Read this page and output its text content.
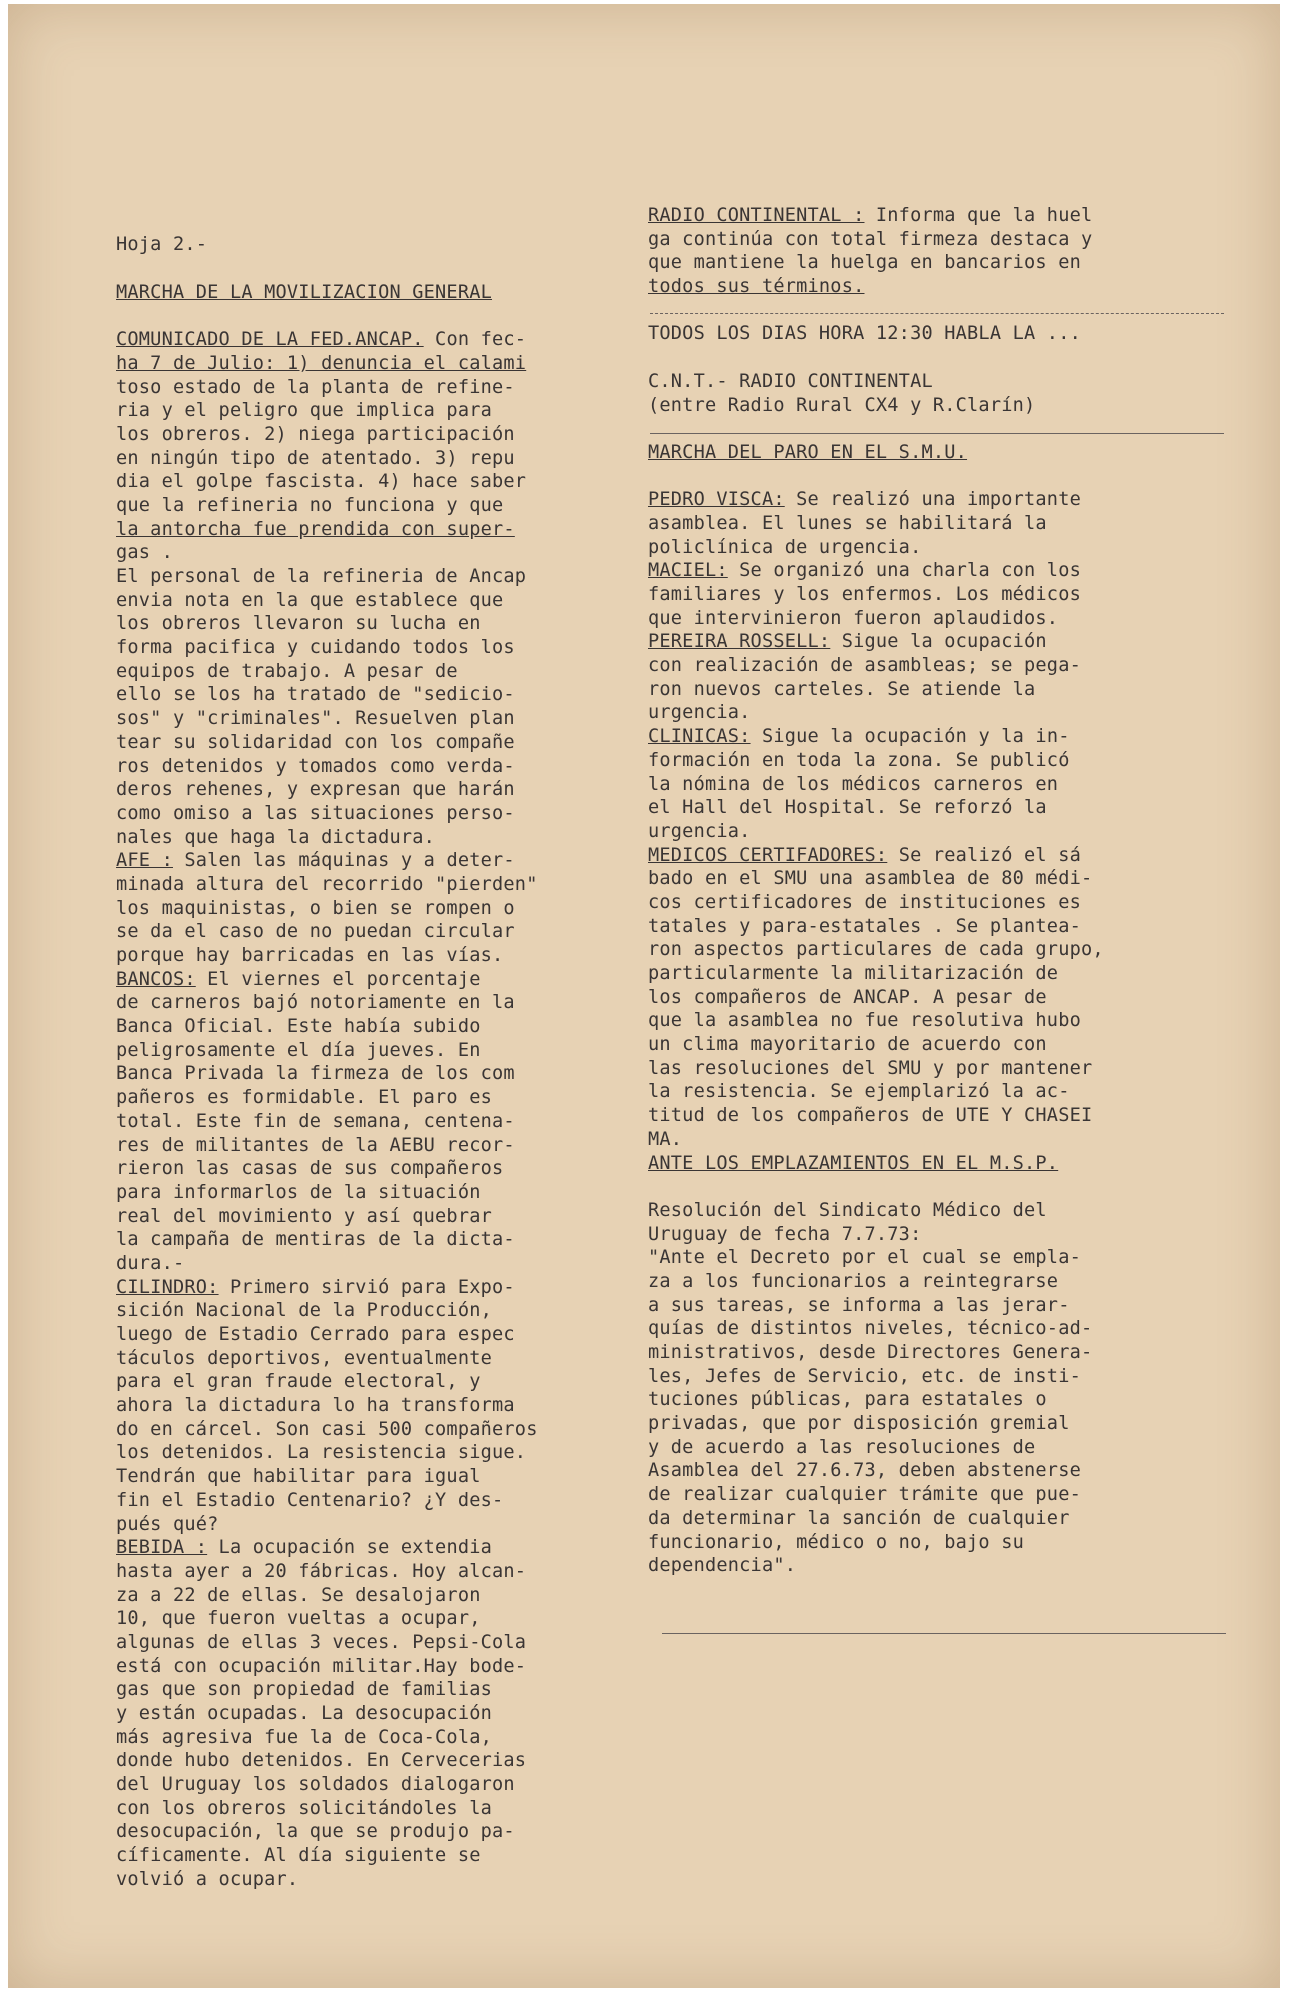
Hoja 2.-

MARCHA DE LA MOVILIZACION GENERAL

COMUNICADO DE LA FED.ANCAP. Con fec-
ha 7 de Julio: 1) denuncia el calami
toso estado de la planta de refine-
ria y el peligro que implica para
los obreros. 2) niega participación
en ningún tipo de atentado. 3) repu
dia el golpe fascista. 4) hace saber
que la refineria no funciona y que
la antorcha fue prendida con super-
gas .
El personal de la refineria de Ancap
envia nota en la que establece que
los obreros llevaron su lucha en
forma pacifica y cuidando todos los
equipos de trabajo. A pesar de
ello se los ha tratado de "sedicio-
sos" y "criminales". Resuelven plan
tear su solidaridad con los compañe
ros detenidos y tomados como verda-
deros rehenes, y expresan que harán
como omiso a las situaciones perso-
nales que haga la dictadura.
AFE : Salen las máquinas y a deter-
minada altura del recorrido "pierden"
los maquinistas, o bien se rompen o
se da el caso de no puedan circular
porque hay barricadas en las vías.
BANCOS: El viernes el porcentaje
de carneros bajó notoriamente en la
Banca Oficial. Este había subido
peligrosamente el día jueves. En
Banca Privada la firmeza de los com
pañeros es formidable. El paro es
total. Este fin de semana, centena-
res de militantes de la AEBU recor-
rieron las casas de sus compañeros
para informarlos de la situación
real del movimiento y así quebrar
la campaña de mentiras de la dicta-
dura.-
CILINDRO: Primero sirvió para Expo-
sición Nacional de la Producción,
luego de Estadio Cerrado para espec
táculos deportivos, eventualmente
para el gran fraude electoral, y
ahora la dictadura lo ha transforma
do en cárcel. Son casi 500 compañeros
los detenidos. La resistencia sigue.
Tendrán que habilitar para igual
fin el Estadio Centenario? ¿Y des-
pués qué?
BEBIDA : La ocupación se extendia
hasta ayer a 20 fábricas. Hoy alcan-
za a 22 de ellas. Se desalojaron
10, que fueron vueltas a ocupar,
algunas de ellas 3 veces. Pepsi-Cola
está con ocupación militar.Hay bode-
gas que son propiedad de familias
y están ocupadas. La desocupación
más agresiva fue la de Coca-Cola,
donde hubo detenidos. En Cervecerias
del Uruguay los soldados dialogaron
con los obreros solicitándoles la
desocupación, la que se produjo pa-
cíficamente. Al día siguiente se
volvió a ocupar.
RADIO CONTINENTAL : Informa que la huel
ga continúa con total firmeza destaca y
que mantiene la huelga en bancarios en
todos sus términos.

TODOS LOS DIAS HORA 12:30 HABLA LA ...

C.N.T.- RADIO CONTINENTAL
(entre Radio Rural CX4 y R.Clarín)

MARCHA DEL PARO EN EL S.M.U.

PEDRO VISCA: Se realizó una importante
asamblea. El lunes se habilitará la
policlínica de urgencia.
MACIEL: Se organizó una charla con los
familiares y los enfermos. Los médicos
que intervinieron fueron aplaudidos.
PEREIRA ROSSELL: Sigue la ocupación
con realización de asambleas; se pega-
ron nuevos carteles. Se atiende la
urgencia.
CLINICAS: Sigue la ocupación y la in-
formación en toda la zona. Se publicó
la nómina de los médicos carneros en
el Hall del Hospital. Se reforzó la
urgencia.
MEDICOS CERTIFADORES: Se realizó el sá
bado en el SMU una asamblea de 80 médi-
cos certificadores de instituciones es
tatales y para-estatales . Se plantea-
ron aspectos particulares de cada grupo,
particularmente la militarización de
los compañeros de ANCAP. A pesar de
que la asamblea no fue resolutiva hubo
un clima mayoritario de acuerdo con
las resoluciones del SMU y por mantener
la resistencia. Se ejemplarizó la ac-
titud de los compañeros de UTE Y CHASEI
MA.
ANTE LOS EMPLAZAMIENTOS EN EL M.S.P.

Resolución del Sindicato Médico del
Uruguay de fecha 7.7.73:
"Ante el Decreto por el cual se empla-
za a los funcionarios a reintegrarse
a sus tareas, se informa a las jerar-
quías de distintos niveles, técnico-ad-
ministrativos, desde Directores Genera-
les, Jefes de Servicio, etc. de insti-
tuciones públicas, para estatales o
privadas, que por disposición gremial
y de acuerdo a las resoluciones de
Asamblea del 27.6.73, deben abstenerse
de realizar cualquier trámite que pue-
da determinar la sanción de cualquier
funcionario, médico o no, bajo su
dependencia".
